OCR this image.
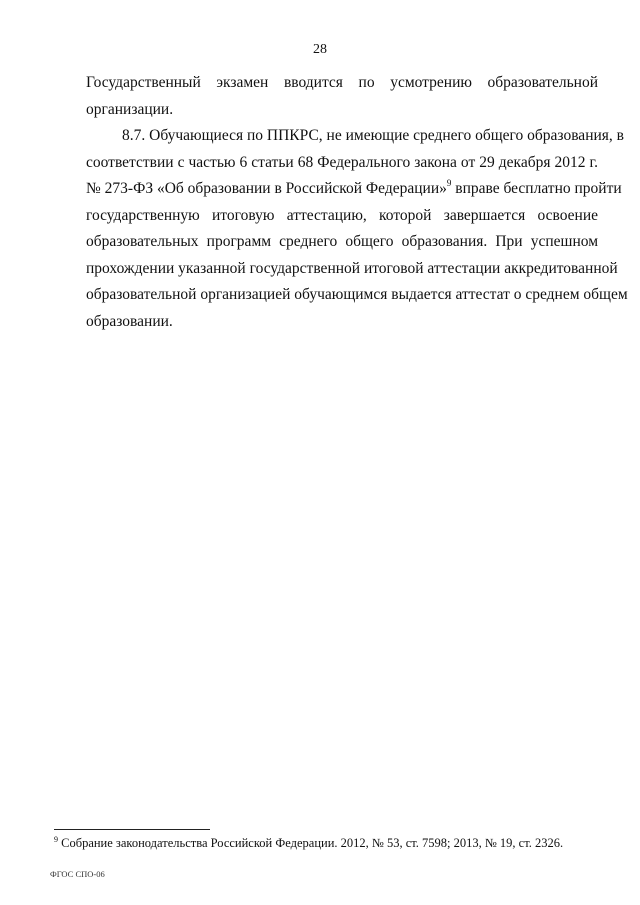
28
Государственный экзамен вводится по усмотрению образовательной
организации.
8.7. Обучающиеся по ППКРС, не имеющие среднего общего образования, в
соответствии с частью 6 статьи 68 Федерального закона от 29 декабря 2012 г.
№ 273-ФЗ «Об образовании в Российской Федерации»$^9$ вправе бесплатно пройти
государственную итоговую аттестацию, которой завершается освоение
образовательных программ среднего общего образования. При успешном
прохождении указанной государственной итоговой аттестации аккредитованной
образовательной организацией обучающимся выдается аттестат о среднем общем
образовании.
$^9$ Собрание законодательства Российской Федерации. 2012, № 53, ст. 7598; 2013, № 19, ст. 2326.
ФГОС СПО-06
